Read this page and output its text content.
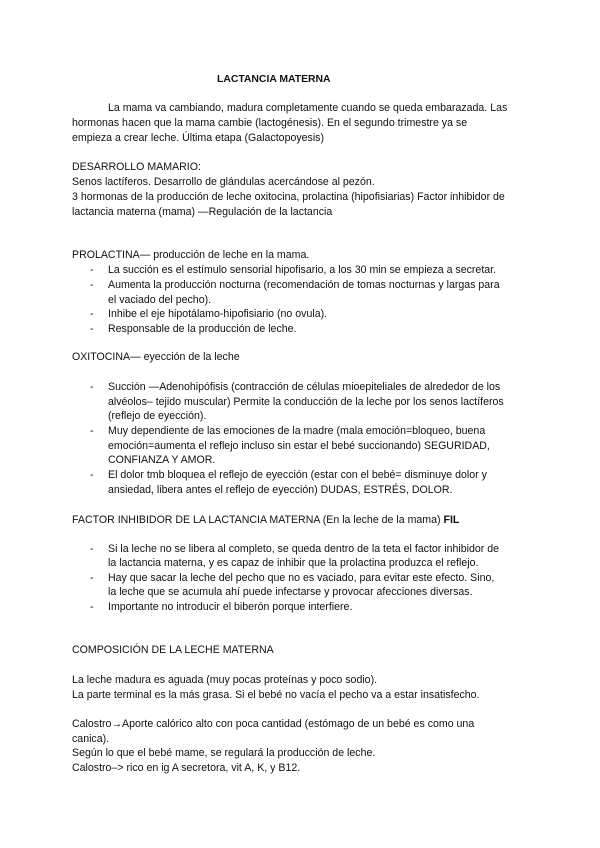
LACTANCIA MATERNA

La mama va cambiando, madura completamente cuando se queda embarazada. Las

hormonas hacen que la mama cambie (lactogénesis). En el segundo trimestre ya se

empieza a crear leche. Última etapa (Galactopoyesis)

DESARROLLO MAMARIO:

Senos lactíferos. Desarrollo de glándulas acercándose al pezón.

3 hormonas de la producción de leche oxitocina, prolactina (hipofisiarias) Factor inhibidor de

lactancia materna (mama) —Regulación de la lactancia

PROLACTINA— producción de leche en la mama.

- La succión es el estímulo sensorial hipofisario, a los 30 min se empieza a secretar.

- Aumenta la producción nocturna (recomendación de tomas nocturnas y largas para

el vaciado del pecho).

- Inhibe el eje hipotálamo-hipofisiario (no ovula).

- Responsable de la producción de leche.

OXITOCINA— eyección de la leche

- Succión —Adenohipófisis (contracción de células mioepiteliales de alrededor de los

alvéolos– tejido muscular) Permite la conducción de la leche por los senos lactíferos

(reflejo de eyección).

- Muy dependiente de las emociones de la madre (mala emoción=bloqueo, buena

emoción=aumenta el reflejo incluso sin estar el bebé succionando) SEGURIDAD,

CONFIANZA Y AMOR.

- El dolor tmb bloquea el reflejo de eyección (estar con el bebé= disminuye dolor y

ansiedad, libera antes el reflejo de eyección) DUDAS, ESTRÉS, DOLOR.

FACTOR INHIBIDOR DE LA LACTANCIA MATERNA (En la leche de la mama) FIL

- Si la leche no se libera al completo, se queda dentro de la teta el factor inhibidor de

la lactancia materna, y es capaz de inhibir que la prolactina produzca el reflejo.

- Hay que sacar la leche del pecho que no es vaciado, para evitar este efecto. Sino,

la leche que se acumula ahí puede infectarse y provocar afecciones diversas.

- Importante no introducir el biberón porque interfiere.

COMPOSICIÓN DE LA LECHE MATERNA

La leche madura es aguada (muy pocas proteínas y poco sodio).

La parte terminal es la más grasa. Si el bebé no vacía el pecho va a estar insatisfecho.

Calostro→Aporte calórico alto con poca cantidad (estómago de un bebé es como una

canica).

Según lo que el bebé mame, se regulará la producción de leche.

Calostro–> rico en ig A secretora, vit A, K, y B12.
